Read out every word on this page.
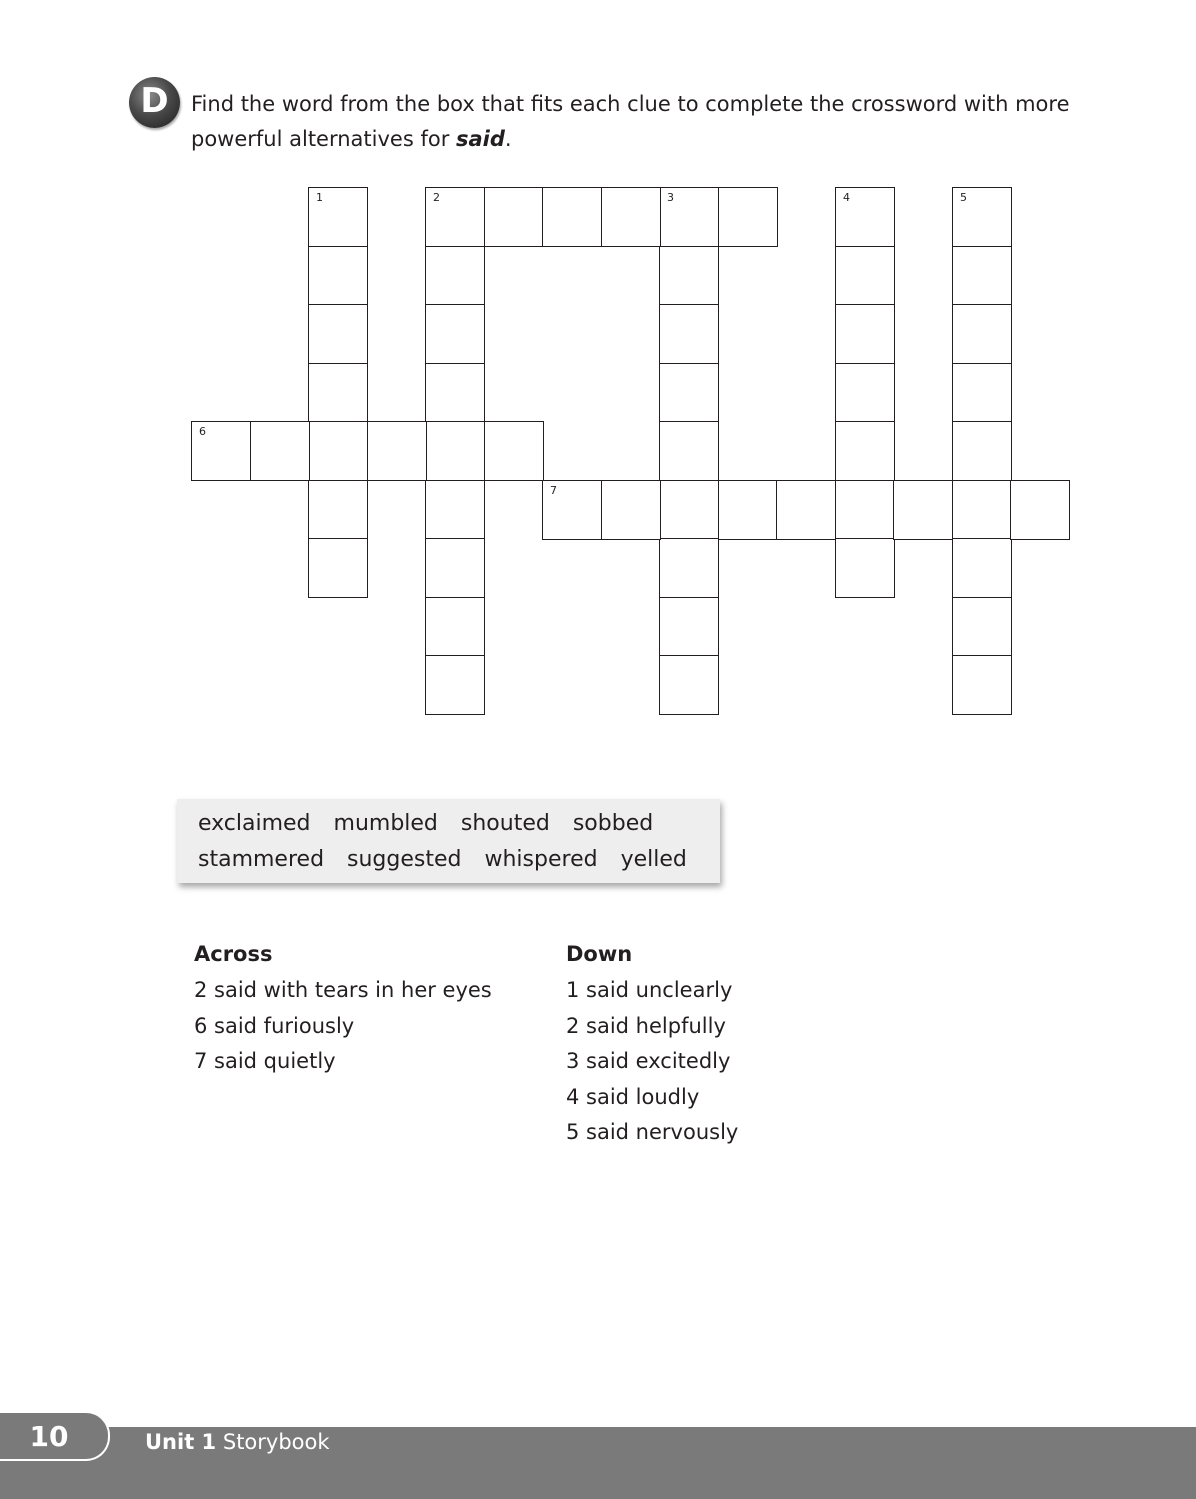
D	Find the word from the box that fits each clue to complete the crossword with more powerful alternatives for said.

1	2	3	4	5
6
7
exclaimed mumbled shouted sobbed
stammered suggested whispered yelled
Across
2 said with tears in her eyes
6 said furiously
7 said quietly
Down
1 said unclearly
2 said helpfully
3 said excitedly
4 said loudly
5 said nervously
10	Unit 1 Storybook
